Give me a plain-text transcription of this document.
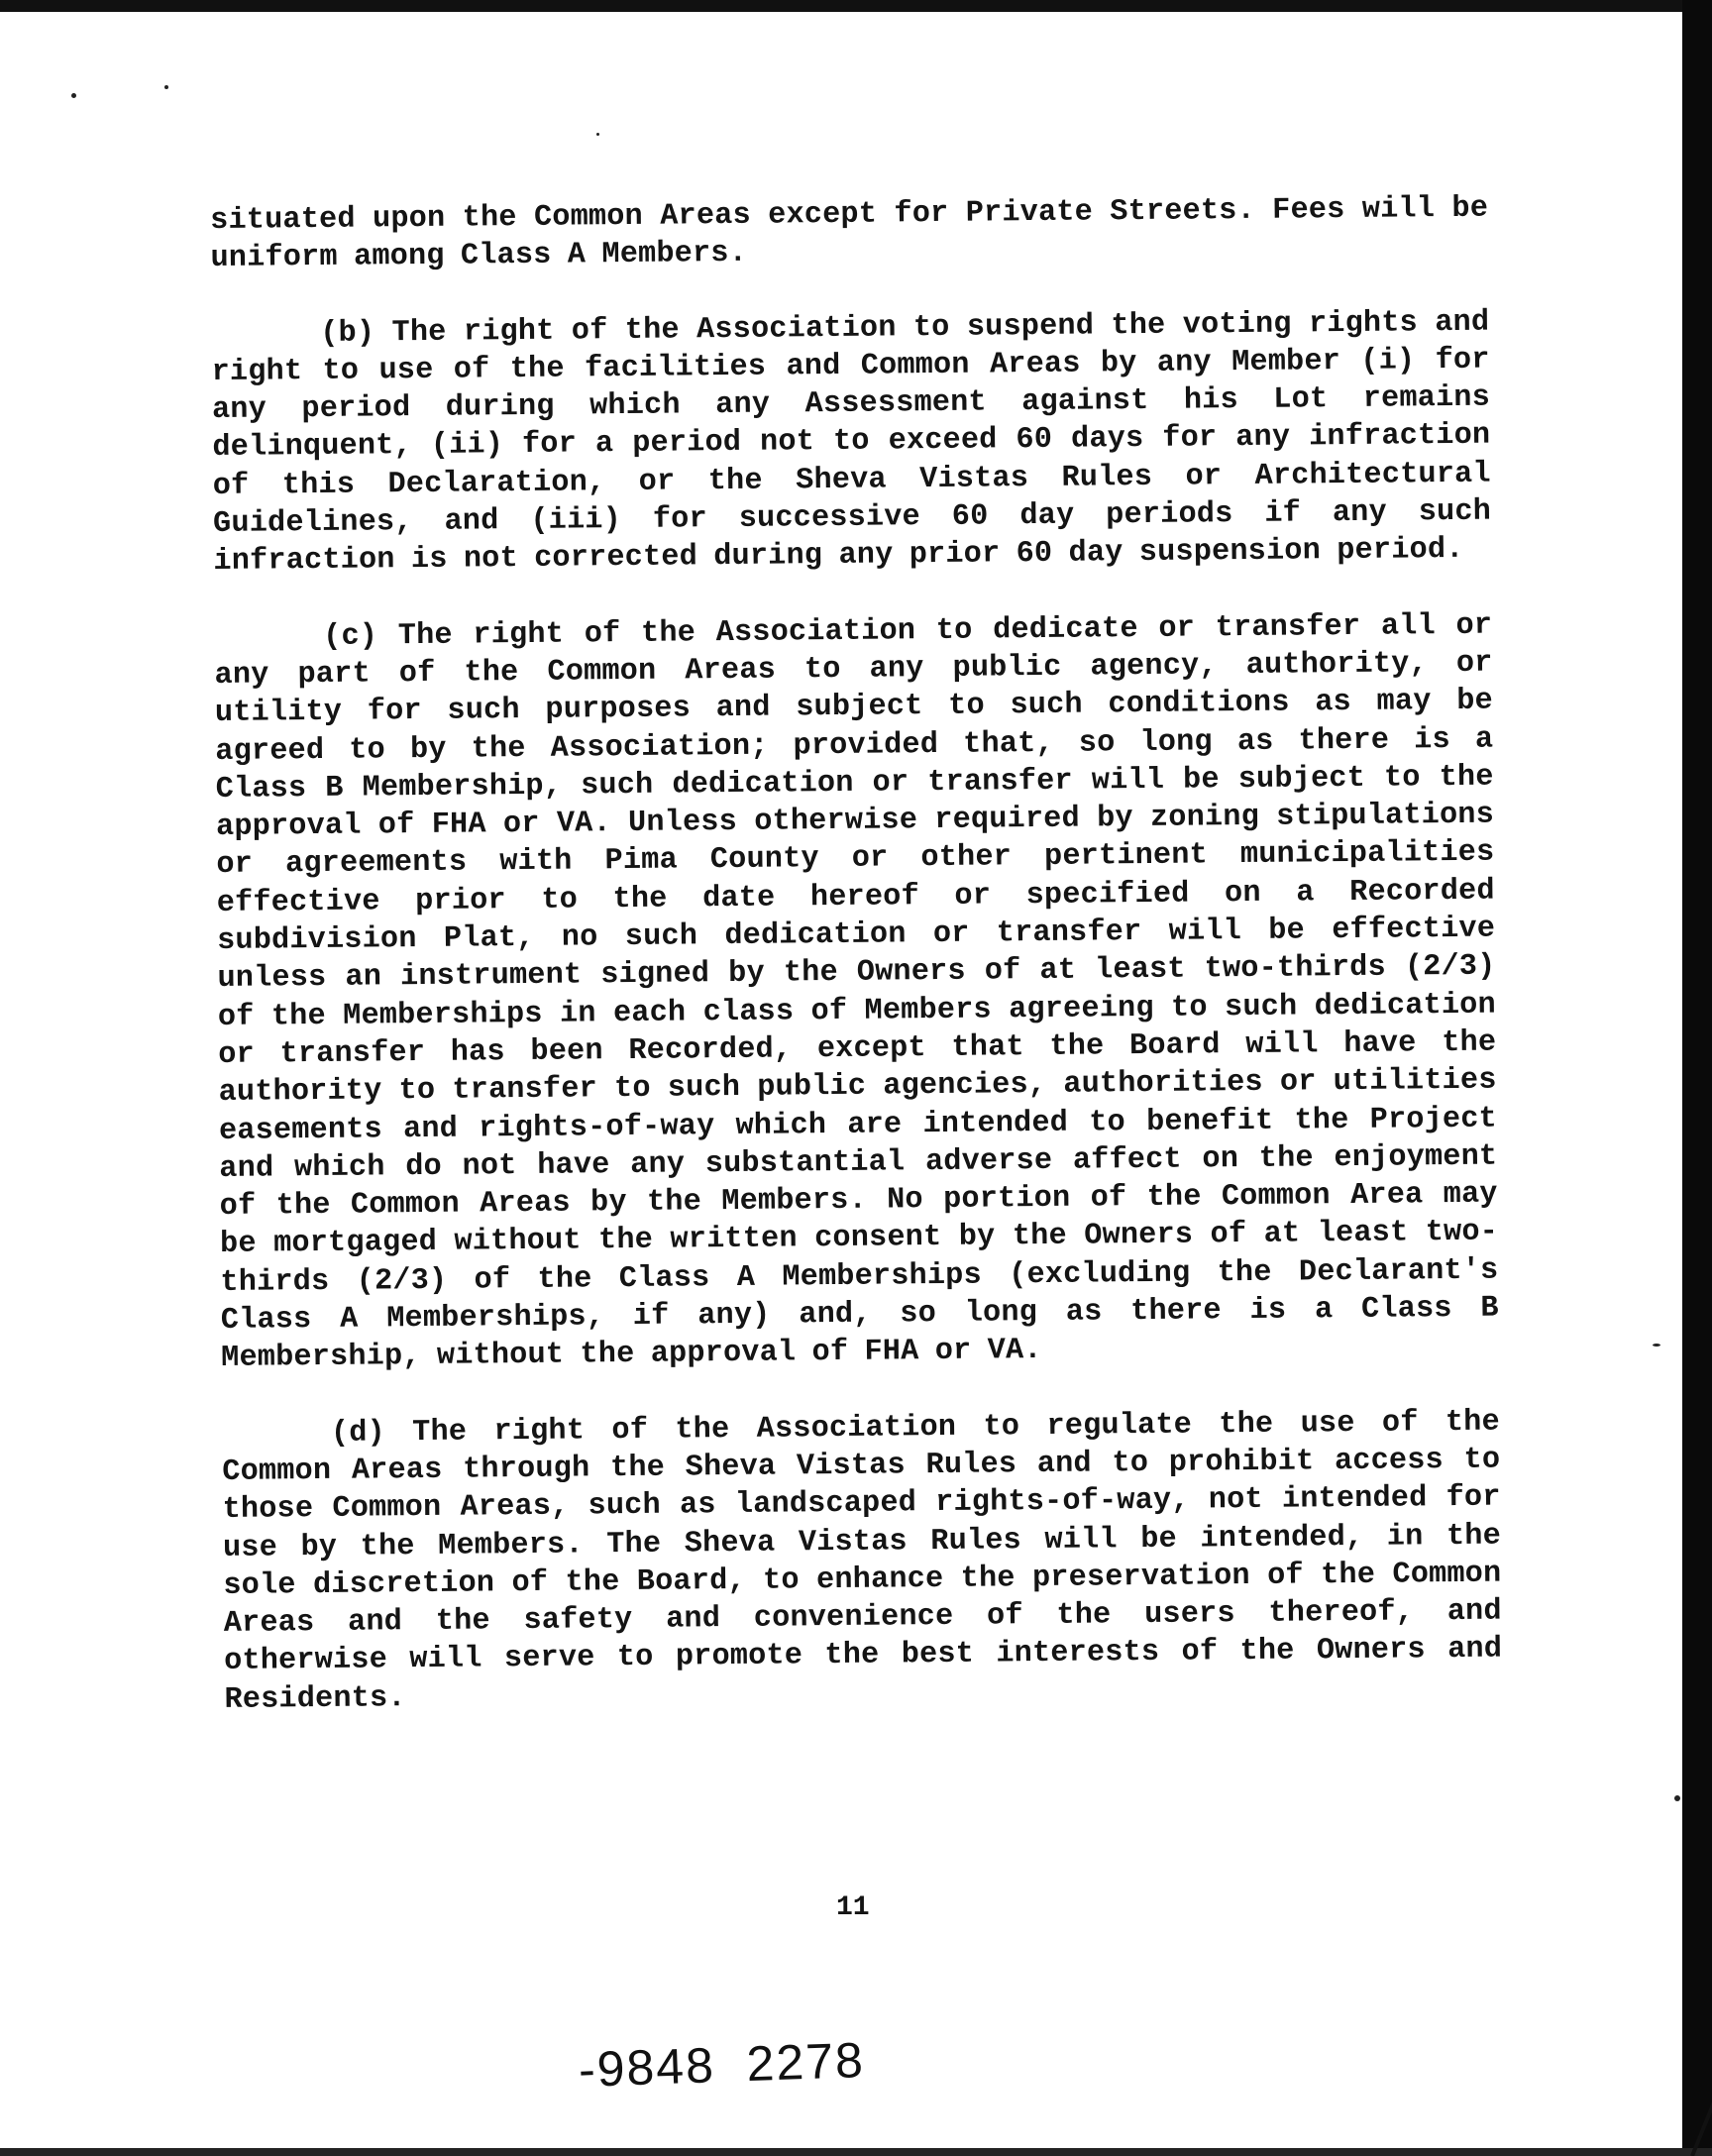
situated upon the Common Areas except for Private Streets. Fees will be uniform among Class A Members.

(b) The right of the Association to suspend the voting rights and right to use of the facilities and Common Areas by any Member (i) for any period during which any Assessment against his Lot remains delinquent, (ii) for a period not to exceed 60 days for any infraction of this Declaration, or the Sheva Vistas Rules or Architectural Guidelines, and (iii) for successive 60 day periods if any such infraction is not corrected during any prior 60 day suspension period.

(c) The right of the Association to dedicate or transfer all or any part of the Common Areas to any public agency, authority, or utility for such purposes and subject to such conditions as may be agreed to by the Association; provided that, so long as there is a Class B Membership, such dedication or transfer will be subject to the approval of FHA or VA. Unless otherwise required by zoning stipulations or agreements with Pima County or other pertinent municipalities effective prior to the date hereof or specified on a Recorded subdivision Plat, no such dedication or transfer will be effective unless an instrument signed by the Owners of at least two-thirds (2/3) of the Memberships in each class of Members agreeing to such dedication or transfer has been Recorded, except that the Board will have the authority to transfer to such public agencies, authorities or utilities easements and rights-of-way which are intended to benefit the Project and which do not have any substantial adverse affect on the enjoyment of the Common Areas by the Members. No portion of the Common Area may be mortgaged without the written consent by the Owners of at least two-thirds (2/3) of the Class A Memberships (excluding the Declarant's Class A Memberships, if any) and, so long as there is a Class B Membership, without the approval of FHA or VA.

(d) The right of the Association to regulate the use of the Common Areas through the Sheva Vistas Rules and to prohibit access to those Common Areas, such as landscaped rights-of-way, not intended for use by the Members. The Sheva Vistas Rules will be intended, in the sole discretion of the Board, to enhance the preservation of the Common Areas and the safety and convenience of the users thereof, and otherwise will serve to promote the best interests of the Owners and Residents.

11
-9848  2278
